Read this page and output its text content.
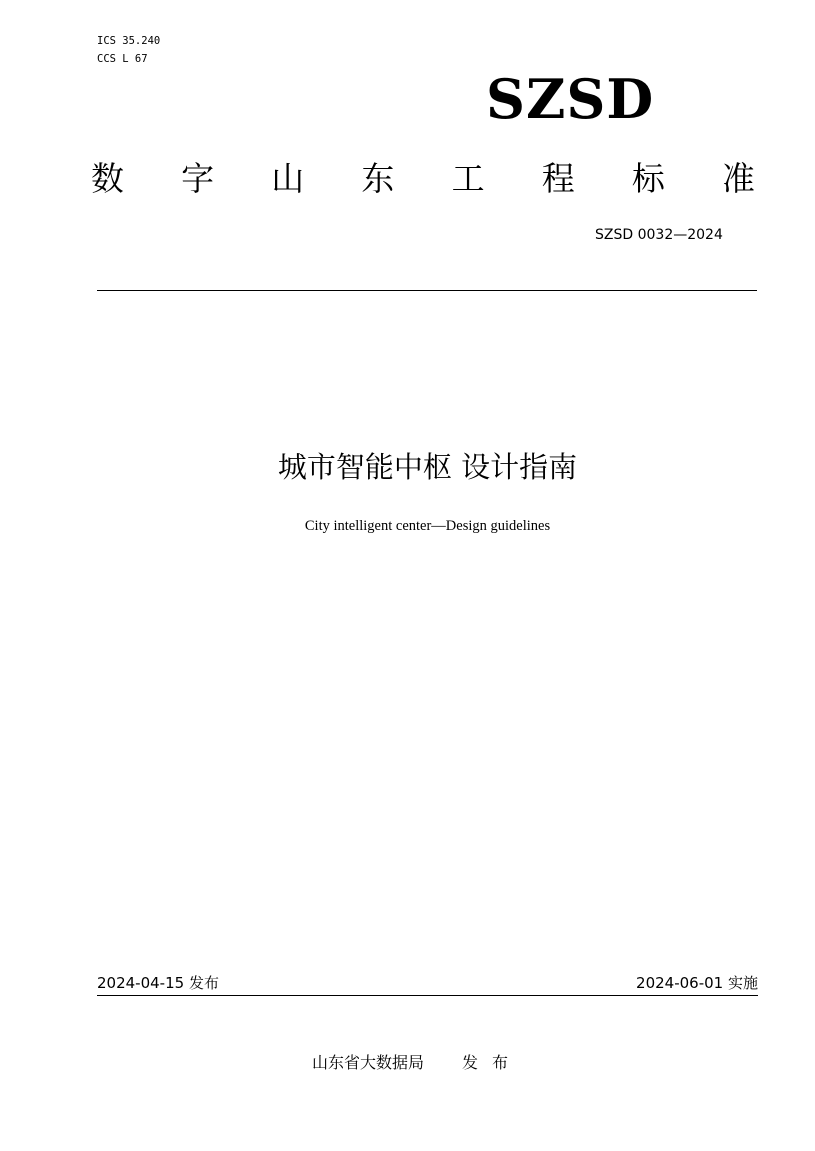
ICS 35.240
CCS L 67
SZSD
数 字 山 东 工 程 标 准
SZSD 0032—2024
城市智能中枢 设计指南
City intelligent center—Design guidelines
2024-04-15 发布	2024-06-01 实施
山东省大数据局 发布
